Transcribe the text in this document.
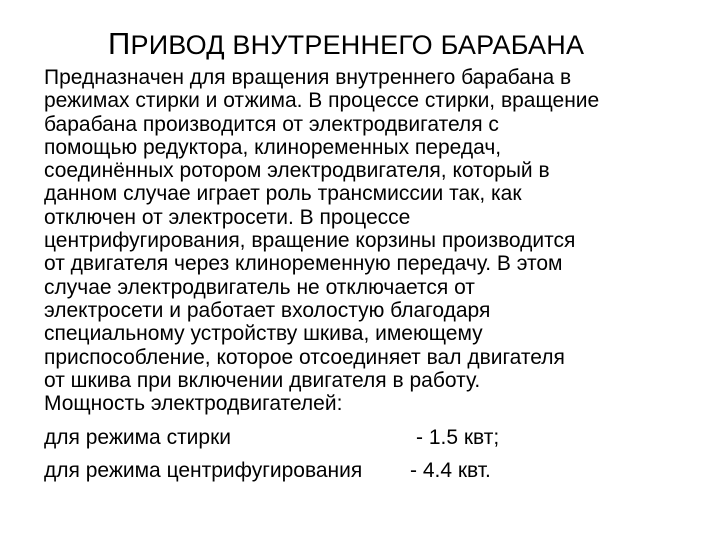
ПРИВОД ВНУТРЕННЕГО БАРАБАНА
Предназначен для вращения внутреннего барабана в
режимах стирки и отжима. В процессе стирки, вращение
барабана производится от электродвигателя с
помощью редуктора, клиноременных передач,
соединённых ротором электродвигателя, который в
данном случае играет роль трансмиссии так, как
отключен от электросети. В процессе
центрифугирования, вращение корзины производится
от двигателя через клиноременную передачу. В этом
случае электродвигатель не отключается от
электросети и работает вхолостую благодаря
специальному устройству шкива, имеющему
приспособление, которое отсоединяет вал двигателя
от шкива при включении двигателя в работу.
Мощность электродвигателей:
для режима стирки	- 1.5 квт;
для режима центрифугирования - 4.4 квт.
